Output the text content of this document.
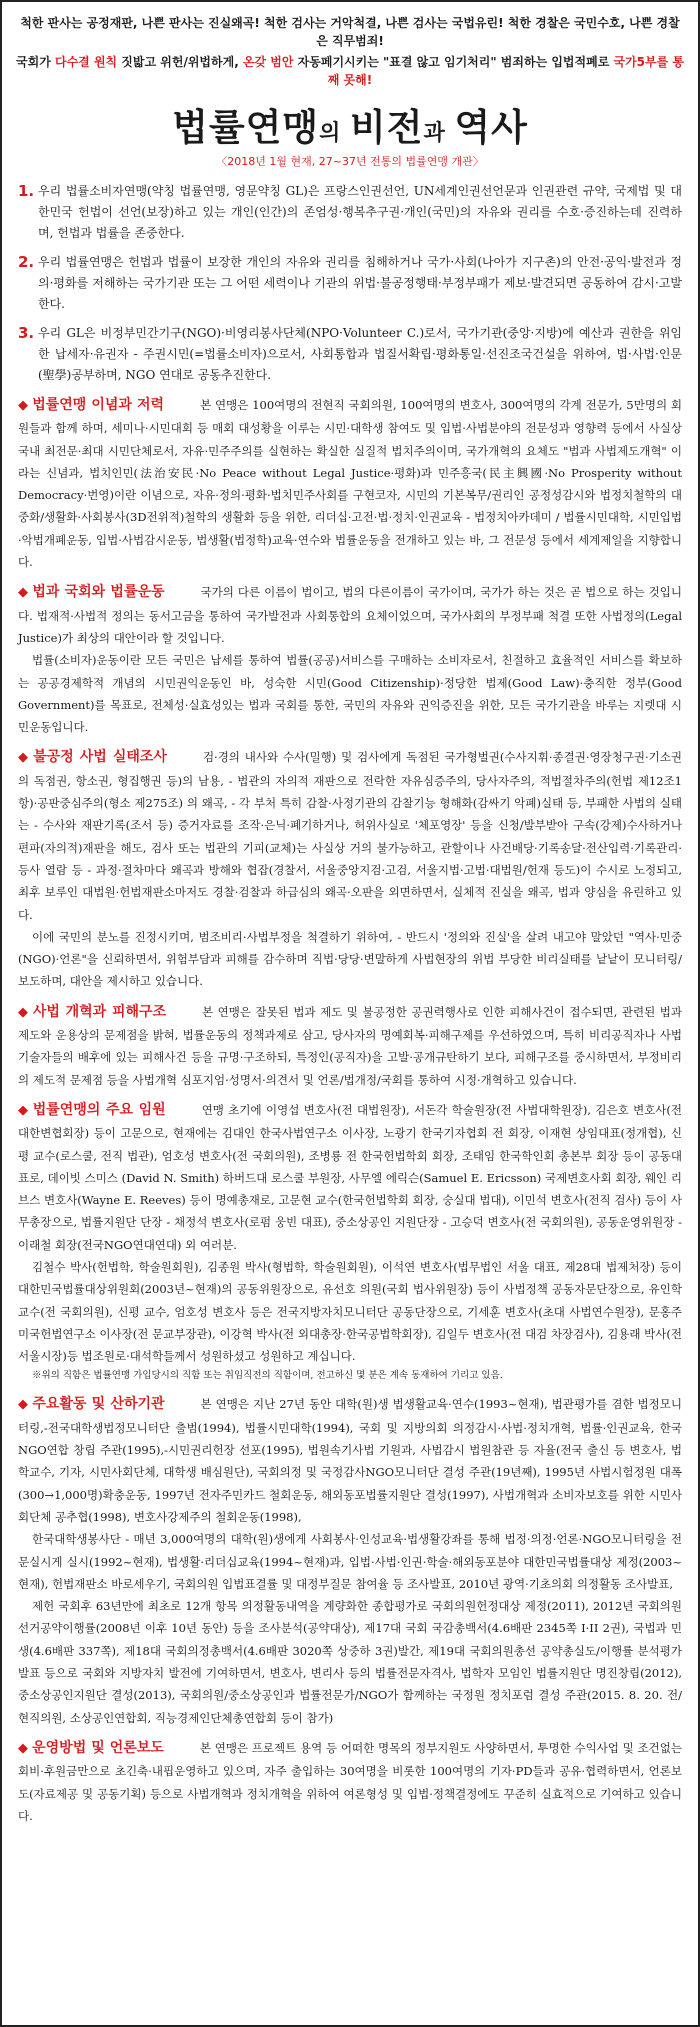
척한 판사는 공정재판, 나쁜 판사는 진실왜곡! 척한 검사는 거악척결, 나쁜 검사는 국법유린! 척한 경찰은 국민수호, 나쁜 경찰은 직무범죄!
국회가 다수결 원칙 짓밟고 위헌/위법하게, 온갖 범안 자동페기시키는 "표결 않고 임기처리" 범죄하는 입법적폐로 국가5부를 통째 못해!
법률연맹의 비전과 역사
〈2018년 1월 현재, 27~37년 전통의 법률연맹 개관〉
1. 우리 법률소비자연맹(약칭 법률연맹, 영문약칭 GL)은 프랑스인권선언, UN세계인권선언문과 인권관련 규약, 국제법 및 대한민국 헌법이 선언(보장)하고 있는 개인(인간)의 존엄성·행복추구권·개인(국민)의 자유와 권리를 수호·증진하는데 진력하며, 헌법과 법률을 존중한다.
2. 우리 법률연맹은 헌법과 법률이 보장한 개인의 자유와 권리를 침해하거나 국가·사회(나아가 지구촌)의 안전·공익·발전과 정의·평화를 저해하는 국가기관 또는 그 어떤 세력이나 기관의 위법·불공정행태·부정부패가 제보·발견되면 공동하여 감시·고발한다.
3. 우리 GL은 비정부민간기구(NGO)·비영리봉사단체(NPO·Volunteer C.)로서, 국가기관(중앙·지방)에 예산과 권한을 위임한 납세자·유권자 - 주권시민(=법률소비자)으로서, 사회통합과 법질서확립·평화통일·선진조국건설을 위하여, 법·사법·인문(聖學)공부하며, NGO 연대로 공동추진한다.

◆ 법률연맹 이념과 저력	본 연맹은 100여명의 전현직 국회의원, 100여명의 변호사, 300여명의 각계 전문가, 5만명의 회원들과 함께 하며, 세미나·시민대회 등 매회 대성황을 이루는 시민·대학생 참여도 및 입법·사법분야의 전문성과 영향력 등에서 사실상 국내 최전문·최대 시민단체로서, 자유·민주주의를 실현하는 확실한 실질적 법치주의이며, 국가개혁의 요체도 "법과 사법제도개혁" 이라는 신념과, 법치인민(法治安民·No Peace without Legal Justice·평화)과 민주흥국(民主興國·No Prosperity without Democracy·번영)이란 이념으로, 자유·정의·평화·법치민주사회를 구현코자, 시민의 기본복무/권리인 공정성감시와 법정치철학의 대중화/생활화·사회봉사(3D전위적)철학의 생활화 등을 위한, 리더십·고전·법·정치·인권교육 - 법정치아카데미 / 법률시민대학, 시민입법·악법개폐운동, 입법·사법감시운동, 법생활(법정학)교육·연수와 법률운동을 전개하고 있는 바, 그 전문성 등에서 세계제일을 지향합니다.

◆ 법과 국회와 법률운동	국가의 다른 이름이 법이고, 법의 다른이름이 국가이며, 국가가 하는 것은 곧 법으로 하는 것입니다. 법재적·사법적 정의는 동서고금을 통하여 국가발전과 사회통합의 요체이었으며, 국가사회의 부정부패 척결 또한 사법정의(Legal Justice)가 최상의 대안이라 할 것입니다.

법률(소비자)운동이란 모든 국민은 납세를 통하여 법률(공공)서비스를 구매하는 소비자로서, 친절하고 효율적인 서비스를 확보하는 공공경제학적 개념의 시민권익운동인 바, 성숙한 시민(Good Citizenship)·정당한 법제(Good Law)·충직한 정부(Good Government)를 목표로, 전체성·실효성있는 법과 국회를 통한, 국민의 자유와 권익증진을 위한, 모든 국가기관을 바루는 지렛대 시민운동입니다.

◆ 불공정 사법 실태조사	검·경의 내사와 수사(밀행) 및 검사에게 독점된 국가형벌권(수사지휘·종결권·영장청구권·기소권의 독점권, 항소권, 형집행권 등)의 남용, - 법관의 자의적 재판으로 전락한 자유심증주의, 당사자주의, 적법절차주의(헌법 제12조1항)·공판중심주의(형소 제275조) 의 왜곡, - 각 부처 특히 감찰·사정기관의 감찰기능 형해화(감싸기 악폐)실태 등, 부패한 사법의 실태는 - 수사와 재판기록(조서 등) 증거자료를 조작·은닉·폐기하거나, 허위사실로 '체포영장' 등을 신청/발부받아 구속(강제)수사하거나 편파(자의적)재판을 해도, 검사 또는 법관의 기피(교체)는 사실상 거의 불가능하고, 관할이나 사건배당·기록송달·전산입력·기록관리·등사 열람 등 - 과정·절차마다 왜곡과 방해와 협잡(경찰서, 서울중앙지검·고검, 서울지법·고법·대법원/헌재 등도)이 수시로 노정되고, 최후 보루인 대법원·헌법재판소마저도 경찰·검찰과 하급심의 왜곡·오판을 외면하면서, 실체적 진실을 왜곡, 법과 양심을 유린하고 있다.

이에 국민의 분노를 진정시키며, 범조비리·사법부정을 척결하기 위하여, - 반드시 '정의와 진실'을 살려 내고야 말았던 "역사·민중(NGO)·언론"을 신뢰하면서, 위험부담과 피해를 감수하며 직법·당당·변말하게 사법현장의 위법 부당한 비리실태를 낱낱이 모니터링/보도하며, 대안을 제시하고 있습니다.

◆ 사법 개혁과 피해구조	본 연맹은 잘못된 법과 제도 및 불공정한 공권력행사로 인한 피해사건이 접수되면, 관련된 법과 제도와 운용상의 문제점을 밝혀, 법률운동의 정책과제로 삼고, 당사자의 명예회복·피해구제를 우선하였으며, 특히 비리공직자나 사법기술자들의 배후에 있는 피해사건 등을 규명·구조하되, 특정인(공직자)을 고발·공개규탄하기 보다, 피해구조를 중시하면서, 부정비리의 제도적 문제점 등을 사법개혁 심포지엄·성명서·의견서 및 언론/법개정/국회를 통하여 시정·개혁하고 있습니다.

◆ 법률연맹의 주요 임원	연맹 초기에 이영섭 변호사(전 대법원장), 서돈각 학술원장(전 사법대학원장), 김은호 변호사(전 대한변협회장) 등이 고문으로, 현재에는 김대인 한국사법연구소 이사장, 노광기 한국기자협회 전 회장, 이재현 상임대표(정개협), 신평 교수(로스쿨, 전직 법관), 엄호성 변호사(전 국회의원), 조병룡 전 한국헌법학회 회장, 조태임 한국학인회 총본부 회장 등이 공동대표로, 데이빗 스미스 (David N. Smith) 하버드대 로스쿨 부원장, 사무엘 에릭슨(Samuel E. Ericsson) 국제변호사회 회장, 웨인 리브스 변호사(Wayne E. Reeves) 등이 명예총재로, 고문현 교수(한국헌법학회 회장, 숭실대 법대), 이민석 변호사(전직 검사) 등이 사무총장으로, 법률지원단 단장 - 채정석 변호사(로펌 웅빈 대표), 중소상공인 지원단장 - 고승덕 변호사(전 국회의원), 공동운영위원장 - 이래철 회장(전국NGO연대연대) 외 여러분.

김철수 박사(헌법학, 학술원회원), 김종원 박사(형법학, 학술원회원), 이석연 변호사(법무법인 서울 대표, 제28대 법제처장) 등이 대한민국법률대상위원회(2003년~현재)의 공동위원장으로, 유선호 의원(국회 법사위원장) 등이 사법정책 공동자문단장으로, 유인학 교수(전 국회의원), 신평 교수, 엄호성 변호사 등은 전국지방자치모니터단 공동단장으로, 기세훈 변호사(초대 사법연수원장), 문홍주 미국헌법연구소 이사장(전 문교부장관), 이강혁 박사(전 외대총장·한국공법학회장), 김일두 변호사(전 대검 차장검사), 김용래 박사(전 서울시장)등 법조원로·대석학들께서 성원하셨고 성원하고 계십니다.

※위의 직함은 법률연맹 가입당시의 직함 또는 취임직전의 직함이며, 전고하신 몇 분은 계속 동재하여 기리고 있음.

◆ 주요활동 및 산하기관	본 연맹은 지난 27년 동안 대학(원)생 법생활교육·연수(1993~현재), 법관평가를 겸한 법정모니터링,-전국대학생법정모니터단 출범(1994), 법률시민대학(1994), 국회 및 지방의회 의정감시·사법·정치개혁, 법률·인권교육, 한국NGO연합 창립 주관(1995),-시민권리헌장 선포(1995), 법원속기사법 기원과, 사법감시 법원참관 등 자율(전국 출신 등 변호사, 법학교수, 기자, 시민사회단체, 대학생 배심원단), 국회의정 및 국정감사NGO모니터단 결성 주관(19년째), 1995년 사법시험정원 대폭(300→1,000명)확충운동, 1997년 전자주민카드 철회운동, 해외동포법률지원단 결성(1997), 사법개혁과 소비자보호를 위한 시민사회단체 공추협(1998), 변호사강제주의 철회운동(1998),

한국대학생봉사단 - 매년 3,000여명의 대학(원)생에게 사회봉사·인성교육·법생활강좌를 통해 법정·의정·언론·NGO모니터링을 전문실시게 실시(1992~현재), 법생활·리더십교육(1994~현재)과, 입법·사법·인권·학술·해외동포분야 대한민국법률대상 제정(2003~현재), 헌법재판소 바로세우기, 국회의원 입법표결률 및 대정부질문 참여율 등 조사발표, 2010년 광역·기초의회 의정활동 조사발표,

제헌 국회후 63년만에 최초로 12개 항목 의정활동내역을 계량화한 종합평가로 국회의원헌정대상 제정(2011), 2012년 국회의원 선거공약이행률(2008년 이후 10년 동안) 등을 조사분석(공약대상), 제17대 국회 국감총백서(4.6배판 2345쪽 I·II 2권), 국법과 민생(4.6배판 337쪽), 제18대 국회의정총백서(4.6배판 3020쪽 상중하 3권)발간, 제19대 국회의원총선 공약총실도/이행률 분석평가발표 등으로 국회와 지방자치 발전에 기여하면서, 변호사, 변리사 등의 법률전문자격사, 법학자 모임인 법률지원단 명진창립(2012), 중소상공인지원단 결성(2013), 국회의원/중소상공인과 법률전문가/NGO가 함께하는 국정원 정치포럼 결성 주관(2015. 8. 20. 전/현직의원, 소상공인연합회, 직능경제인단체총연합회 등이 참가)

◆ 운영방법 및 언론보도	본 연맹은 프로젝트 용역 등 어떠한 명목의 정부지원도 사양하면서, 투명한 수익사업 및 조건없는 회비·후원금만으로 초긴축·내핍운영하고 있으며, 자주 출입하는 30여명을 비롯한 100여명의 기자·PD들과 공유·협력하면서, 언론보도(자료제공 및 공동기획) 등으로 사법개혁과 정치개혁을 위하여 여론형성 및 입법·정책결정에도 꾸준히 실효적으로 기여하고 있습니다.
